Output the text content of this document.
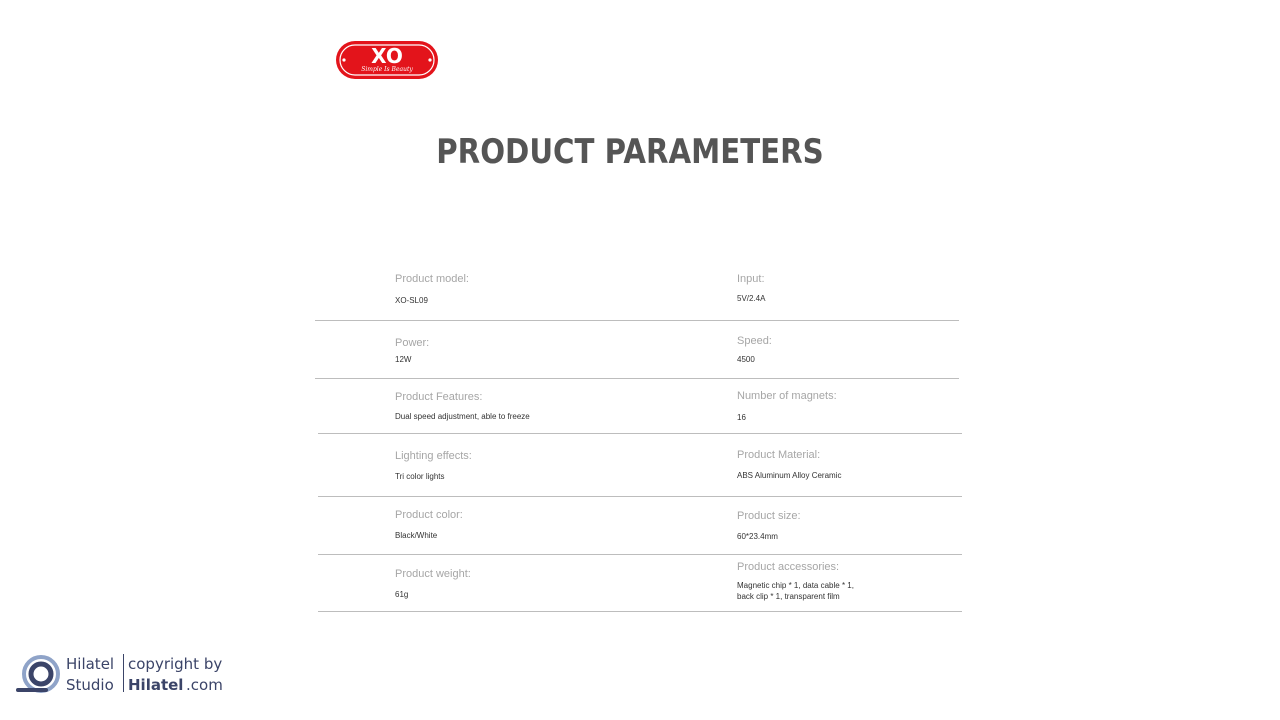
XO
Simple Is Beauty
PRODUCT PARAMETERS
Product model:
XO-SL09
Input:
5V/2.4A
Power:
12W
Speed:
4500
Product Features:
Dual speed adjustment, able to freeze
Number of magnets:
16
Lighting effects:
Tri color lights
Product Material:
ABS Aluminum Alloy Ceramic
Product color:
Black/White
Product size:
60*23.4mm
Product weight:
61g
Product accessories:
Magnetic chip * 1, data cable * 1,
back clip * 1, transparent film
Hilatel copyright by
Studio Hilatel .com
